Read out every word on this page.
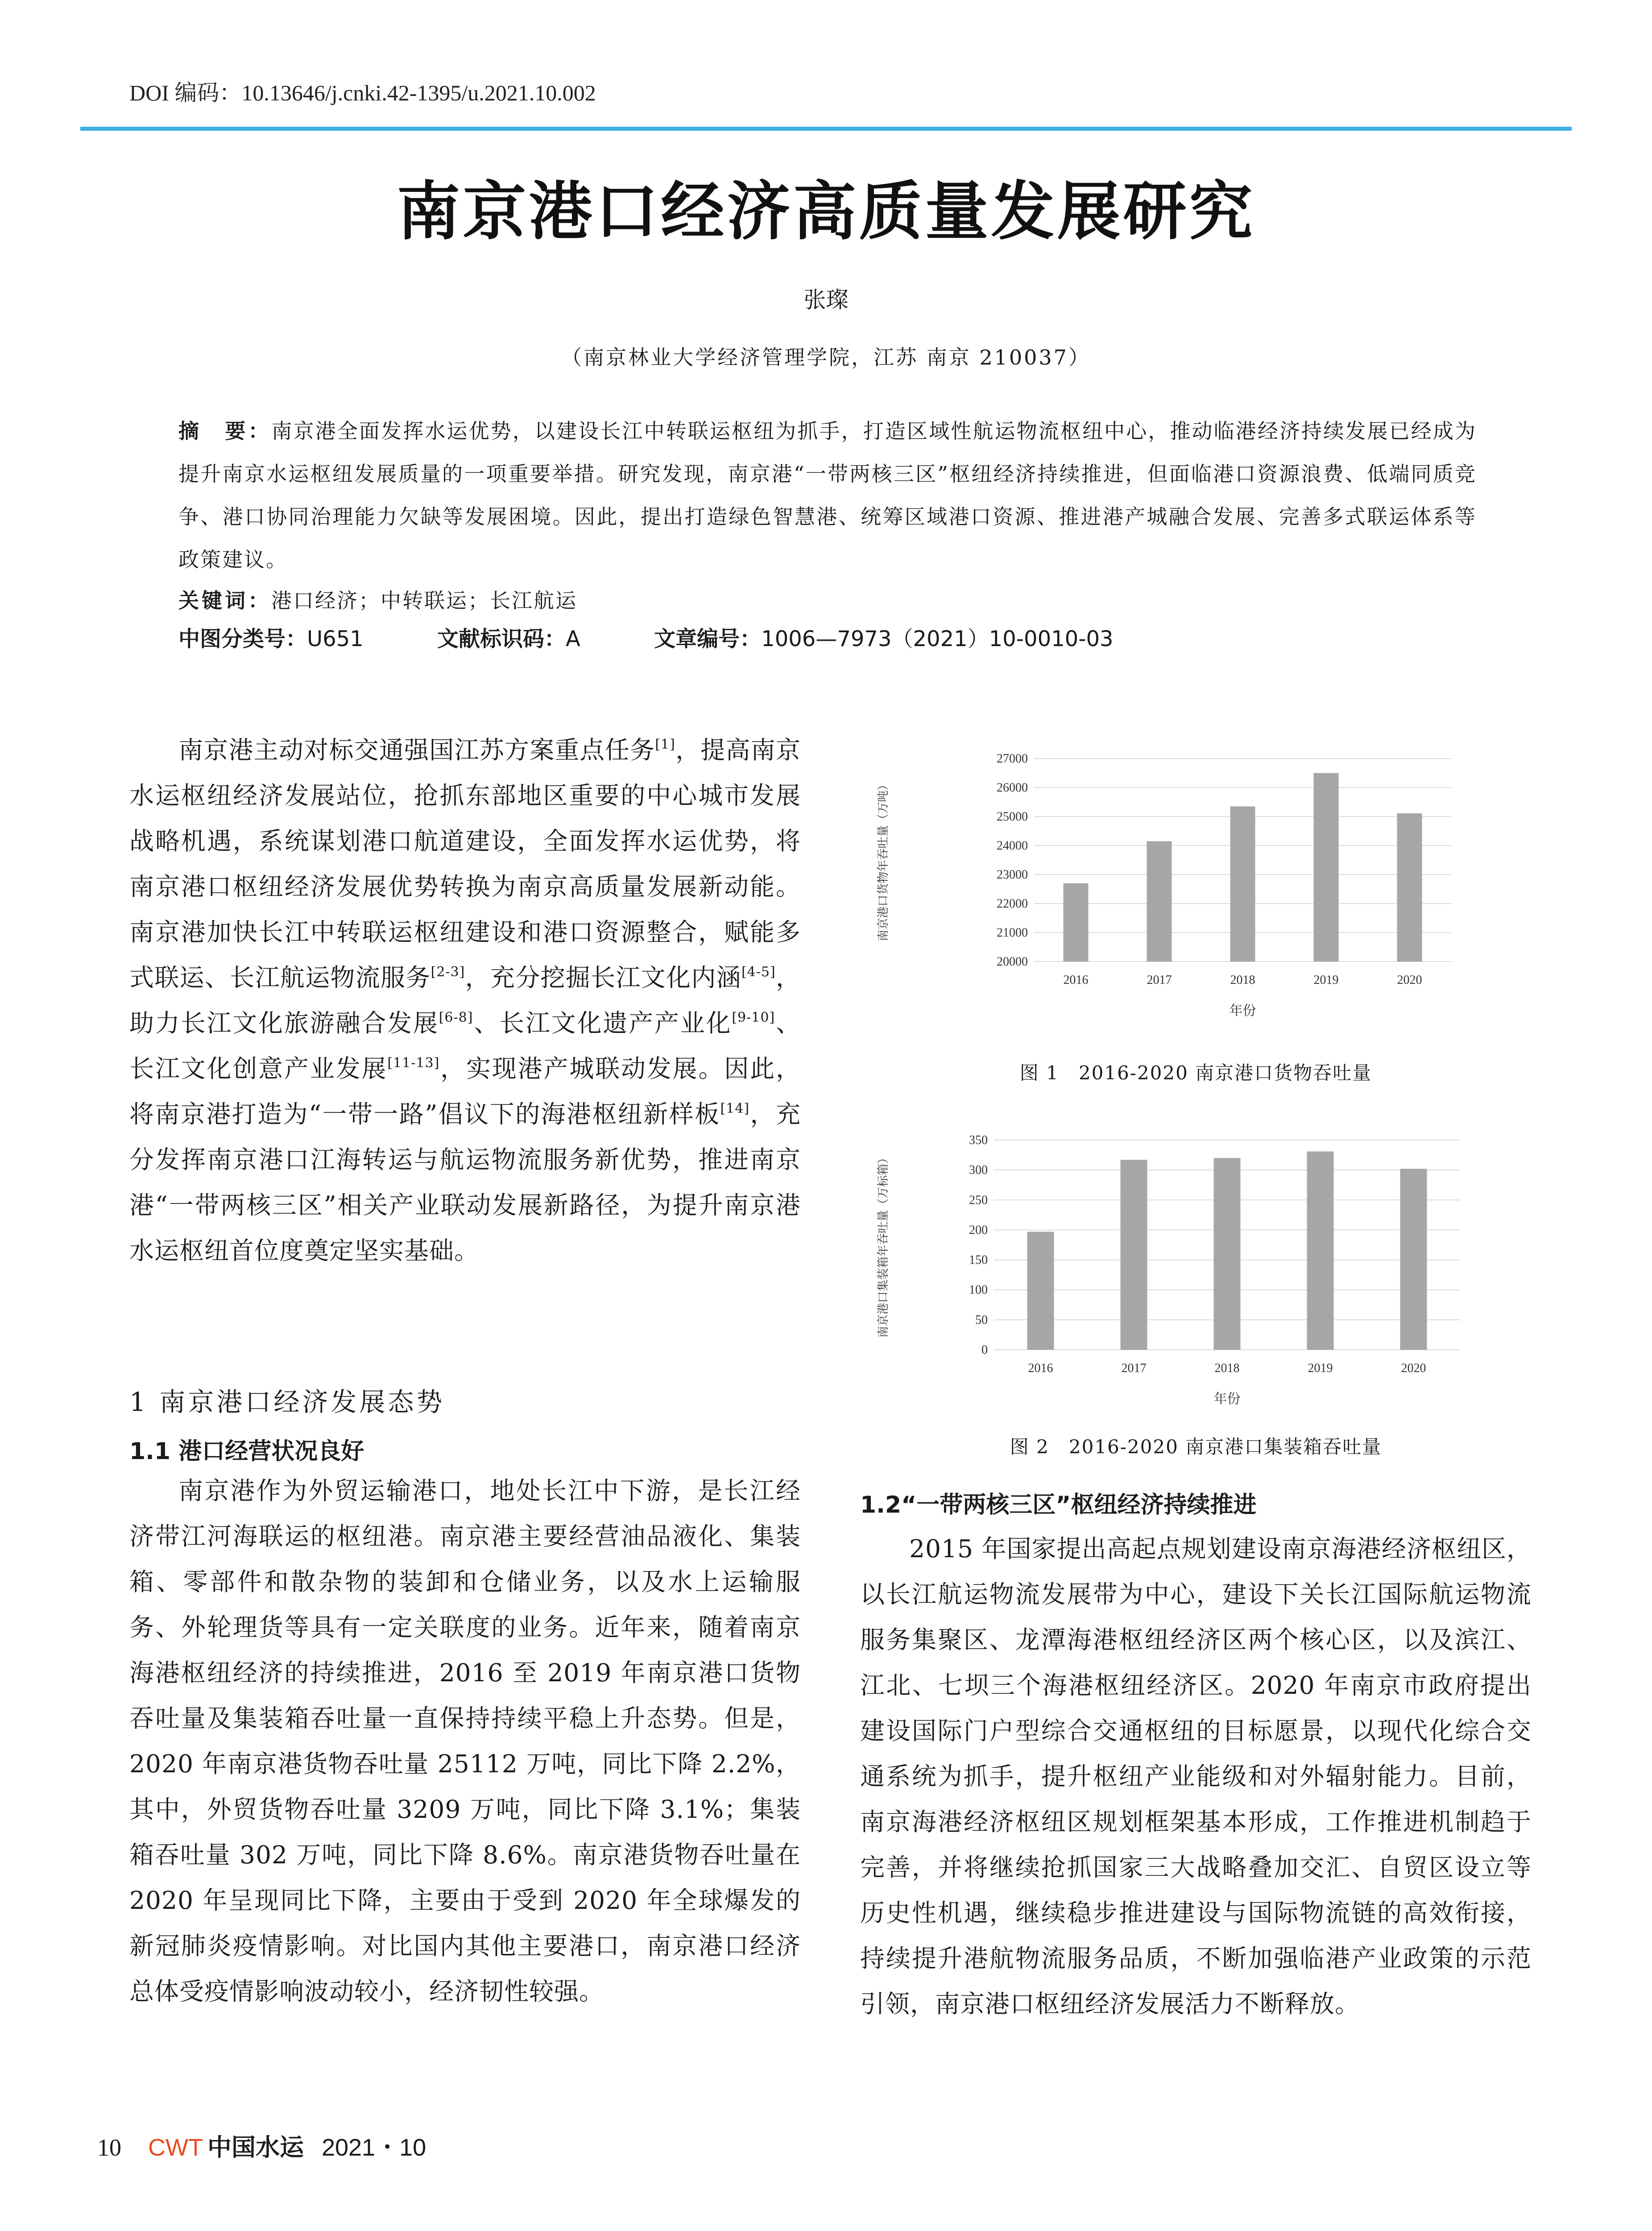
DOI 编码：10.13646/j.cnki.42-1395/u.2021.10.002
南京港口经济高质量发展研究
张璨
（南京林业大学经济管理学院，江苏 南京 210037）
摘　要：南京港全面发挥水运优势，以建设长江中转联运枢纽为抓手，打造区域性航运物流枢纽中心，推动临港经济持续发展已经成为提升南京水运枢纽发展质量的一项重要举措。研究发现，南京港“一带两核三区”枢纽经济持续推进，但面临港口资源浪费、低端同质竞争、港口协同治理能力欠缺等发展困境。因此，提出打造绿色智慧港、统筹区域港口资源、推进港产城融合发展、完善多式联运体系等政策建议。
关键词：港口经济；中转联运；长江航运
中图分类号：U651	文献标识码：A	文章编号：1006—7973（2021）10-0010-03

南京港主动对标交通强国江苏方案重点任务[1]，提高南京水运枢纽经济发展站位，抢抓东部地区重要的中心城市发展战略机遇，系统谋划港口航道建设，全面发挥水运优势，将南京港口枢纽经济发展优势转换为南京高质量发展新动能。南京港加快长江中转联运枢纽建设和港口资源整合，赋能多式联运、长江航运物流服务[2-3]，充分挖掘长江文化内涵[4-5]，助力长江文化旅游融合发展[6-8]、长江文化遗产产业化[9-10]、长江文化创意产业发展[11-13]，实现港产城联动发展。因此，将南京港打造为“一带一路”倡议下的海港枢纽新样板[14]，充分发挥南京港口江海转运与航运物流服务新优势，推进南京港“一带两核三区”相关产业联动发展新路径，为提升南京港水运枢纽首位度奠定坚实基础。

1 南京港口经济发展态势
1.1 港口经营状况良好

南京港作为外贸运输港口，地处长江中下游，是长江经济带江河海联运的枢纽港。南京港主要经营油品液化、集装箱、零部件和散杂物的装卸和仓储业务，以及水上运输服务、外轮理货等具有一定关联度的业务。近年来，随着南京海港枢纽经济的持续推进，2016 至 2019 年南京港口货物吞吐量及集装箱吞吐量一直保持持续平稳上升态势。但是，2020 年南京港货物吞吐量 25112 万吨，同比下降 2.2%，其中，外贸货物吞吐量 3209 万吨，同比下降 3.1%；集装箱吞吐量 302 万吨，同比下降 8.6%。南京港货物吞吐量在 2020 年呈现同比下降，主要由于受到 2020 年全球爆发的新冠肺炎疫情影响。对比国内其他主要港口，南京港口经济总体受疫情影响波动较小，经济韧性较强。

20000
21000
22000
23000
24000
25000
26000
27000
2016	2017	2018	2019	2020
年份
南京港口货物年吞吐量（万吨）
图 1　2016-2020 南京港口货物吞吐量
0
50
100
150
200
250
300
350
2016	2017	2018	2019	2020
年份
南京港口集装箱年吞吐量（万标箱）
图 2　2016-2020 南京港口集装箱吞吐量
1.2“一带两核三区”枢纽经济持续推进

2015 年国家提出高起点规划建设南京海港经济枢纽区，以长江航运物流发展带为中心，建设下关长江国际航运物流服务集聚区、龙潭海港枢纽经济区两个核心区，以及滨江、江北、七坝三个海港枢纽经济区。2020 年南京市政府提出建设国际门户型综合交通枢纽的目标愿景，以现代化综合交通系统为抓手，提升枢纽产业能级和对外辐射能力。目前，南京海港经济枢纽区规划框架基本形成，工作推进机制趋于完善，并将继续抢抓国家三大战略叠加交汇、自贸区设立等历史性机遇，继续稳步推进建设与国际物流链的高效衔接，持续提升港航物流服务品质，不断加强临港产业政策的示范引领，南京港口枢纽经济发展活力不断释放。

10 CWT 中国水运 2021・10
